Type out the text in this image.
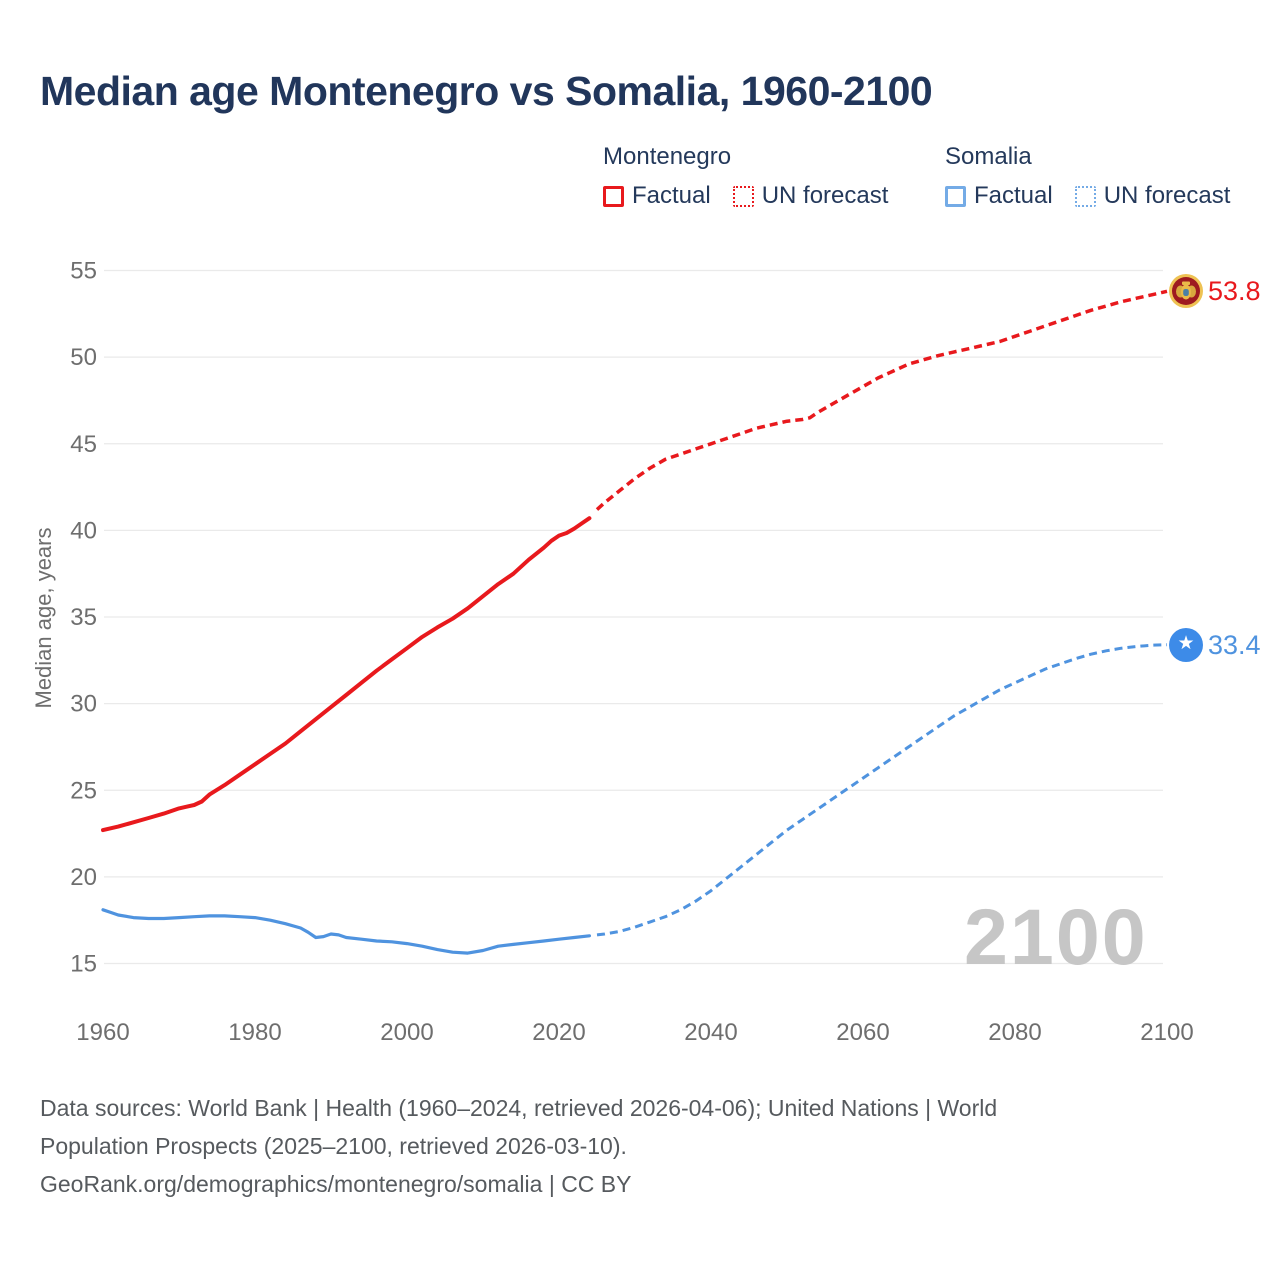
Median age Montenegro vs Somalia, 1960-2100
Montenegro
Factual UN forecast
Somalia
Factual UN forecast
Median age, years
15
20
25
30
35
40
45
50
55
1960	1980	2000	2020	2040	2060	2080	2100
2100
53.8
★ 33.4
Data sources: World Bank | Health (1960–2024, retrieved 2026-04-06); United Nations | World
Population Prospects (2025–2100, retrieved 2026-03-10).
GeoRank.org/demographics/montenegro/somalia | CC BY
